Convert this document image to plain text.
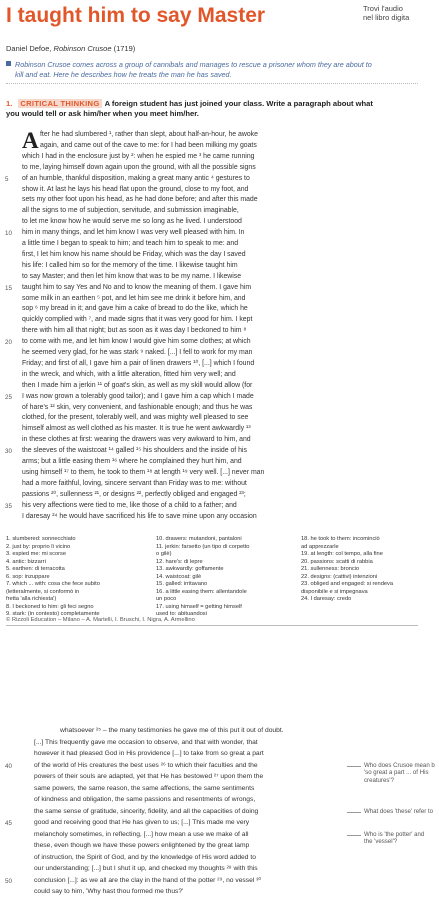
I taught him to say Master	Trovi l'audio
nel libro digita
Daniel Defoe, Robinson Crusoe (1719)
Robinson Crusoe comes across a group of cannibals and manages to rescue a prisoner whom they are about to
kill and eat. Here he describes how he treats the man he has saved.
1. CRITICAL THINKING A foreign student has just joined your class. Write a paragraph about what
you would tell or ask him/her when you meet him/her.
A fter he had slumbered ¹, rather than slept, about half-an-hour, he awoke
again, and came out of the cave to me: for I had been milking my goats
which I had in the enclosure just by ²: when he espied me ³ he came running
to me, laying himself down again upon the ground, with all the possible signs
of an humble, thankful disposition, making a great many antic ⁴ gestures to
5
show it. At last he lays his head flat upon the ground, close to my foot, and
sets my other foot upon his head, as he had done before; and after this made
all the signs to me of subjection, servitude, and submission imaginable,
to let me know how he would serve me so long as he lived. I understood
him in many things, and let him know I was very well pleased with him. In
10
a little time I began to speak to him; and teach him to speak to me: and
first, I let him know his name should be Friday, which was the day I saved
his life: I called him so for the memory of the time. I likewise taught him
to say Master; and then let him know that was to be my name. I likewise
taught him to say Yes and No and to know the meaning of them. I gave him
15
some milk in an earthen ⁵ pot, and let him see me drink it before him, and
sop ⁶ my bread in it; and gave him a cake of bread to do the like, which he
quickly complied with ⁷, and made signs that it was very good for him. I kept
there with him all that night; but as soon as it was day I beckoned to him ⁸
to come with me, and let him know I would give him some clothes; at which
20
he seemed very glad, for he was stark ⁹ naked. [...] I fell to work for my man
Friday; and first of all, I gave him a pair of linen drawers ¹⁰, [...] which I found
in the wreck, and which, with a little alteration, fitted him very well; and
then I made him a jerkin ¹¹ of goat's skin, as well as my skill would allow (for
I was now grown a tolerably good tailor); and I gave him a cap which I made
25
of hare's ¹² skin, very convenient, and fashionable enough; and thus he was
clothed, for the present, tolerably well, and was mighty well pleased to see
himself almost as well clothed as his master. It is true he went awkwardly ¹³
in these clothes at first: wearing the drawers was very awkward to him, and
the sleeves of the waistcoat ¹⁴ galled ¹⁵ his shoulders and the inside of his
30
arms; but a little easing them ¹⁶ where he complained they hurt him, and
using himself ¹⁷ to them, he took to them ¹⁸ at length ¹⁹ very well. [...] never man
had a more faithful, loving, sincere servant than Friday was to me: without
passions ²⁰, sullenness ²¹, or designs ²², perfectly obliged and engaged ²³;
his very affections were tied to me, like those of a child to a father; and
35
I daresay ²⁴ he would have sacrificed his life to save mine upon any occasion
1. slumbered: sonnecchiato
2. just by: proprio lì vicino
3. espied me: mi scorse
4. antic: bizzarri
5. earthen: di terracotta
6. sop: inzuppare
7. which ... with: cosa che fece subito
(letteralmente, si conformò in
fretta 'alla richiesta')
8. I beckoned to him: gli feci segno
9. stark: (in contesto) completamente
10. drawers: mutandoni, pantaloni
11. jerkin: farsetto (un tipo di corpetto
o gilè)
12. hare's: di lepre
13. awkwardly: goffamente
14. waistcoat: gilè
15. galled: irritavano
16. a little easing them: allentandole
un poco
17. using himself = getting himself
used to: abituandosi
18. he took to them: incominciò
ad apprezzarle
19. at length: col tempo, alla fine
20. passions: scatti di rabbia
21. sullenness: broncio
22. designs: (cattivi) intenzioni
23. obliged and engaged: si rendeva
disponibile e si impegnava
24. I daresay: credo
© Rizzoli Education – Milano – A. Martelli, I. Bruschi, I. Nigra, A. Armellino
whatsoever ²⁵ – the many testimonies he gave me of this put it out of doubt.
[...] This frequently gave me occasion to observe, and that with wonder, that
however it had pleased God in His providence [...] to take from so great a part
of the world of His creatures the best uses ²⁶ to which their faculties and the
40
powers of their souls are adapted, yet that He has bestowed ²⁷ upon them the
same powers, the same reason, the same affections, the same sentiments
of kindness and obligation, the same passions and resentments of wrongs,
the same sense of gratitude, sincerity, fidelity, and all the capacities of doing
good and receiving good that He has given to us; [...] This made me very
45
melancholy sometimes, in reflecting, [...] how mean a use we make of all
these, even though we have these powers enlightened by the great lamp
of instruction, the Spirit of God, and by the knowledge of His word added to
our understanding; [...] but I shut it up, and checked my thoughts ²⁸ with this
conclusion [...]: as we all are the clay in the hand of the potter ²⁹, no vessel ³⁰
50
could say to him, 'Why hast thou formed me thus?'
Who does Crusoe mean b
'so great a part ... of His
creatures'?
What does 'these' refer to
Who is 'the potter' and
the 'vessel'?
